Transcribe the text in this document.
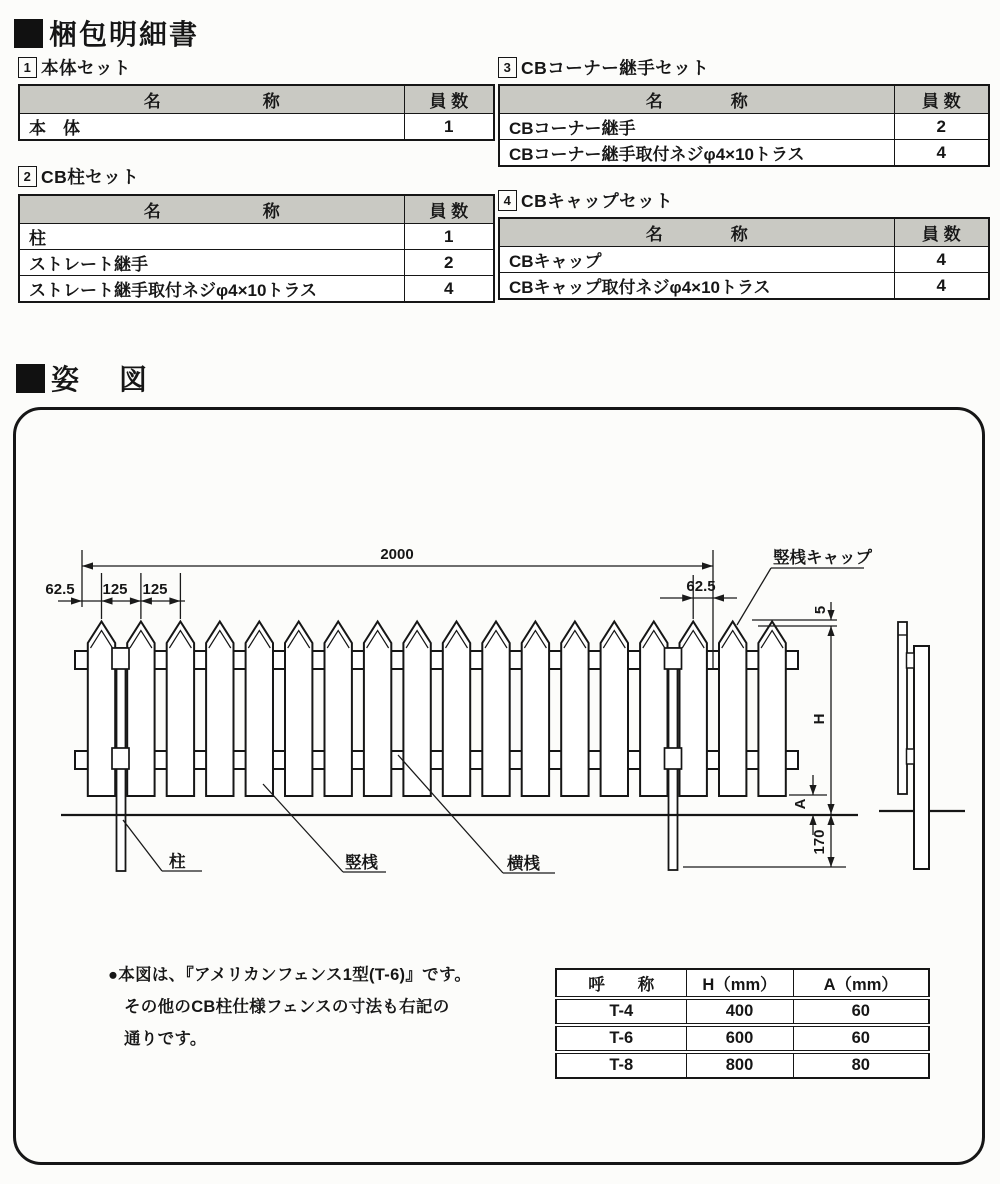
梱包明細書
1 本体セット
名　　　　　　称	員 数
本　体	1
2 CB柱セット
名　　　　　　称	員 数
柱	1
ストレート継手	2
ストレート継手取付ネジφ4×10トラス	4
3 CBコーナー継手セット
名　　　　称	員 数
CBコーナー継手	2
CBコーナー継手取付ネジφ4×10トラス	4
4 CBキャップセット
名　　　　称	員 数
CBキャップ	4
CBキャップ取付ネジφ4×10トラス	4
姿　図
2000
62.5 125 125	62.5
竪桟キャップ
5
H
A
170
柱	竪桟	横桟
●本図は、『アメリカンフェンス1型(T-6)』です。
その他のCB柱仕様フェンスの寸法も右記の
通りです。
呼　　称	H（mm）	A（mm）
T-4	400	60
T-6	600	60
T-8	800	80
